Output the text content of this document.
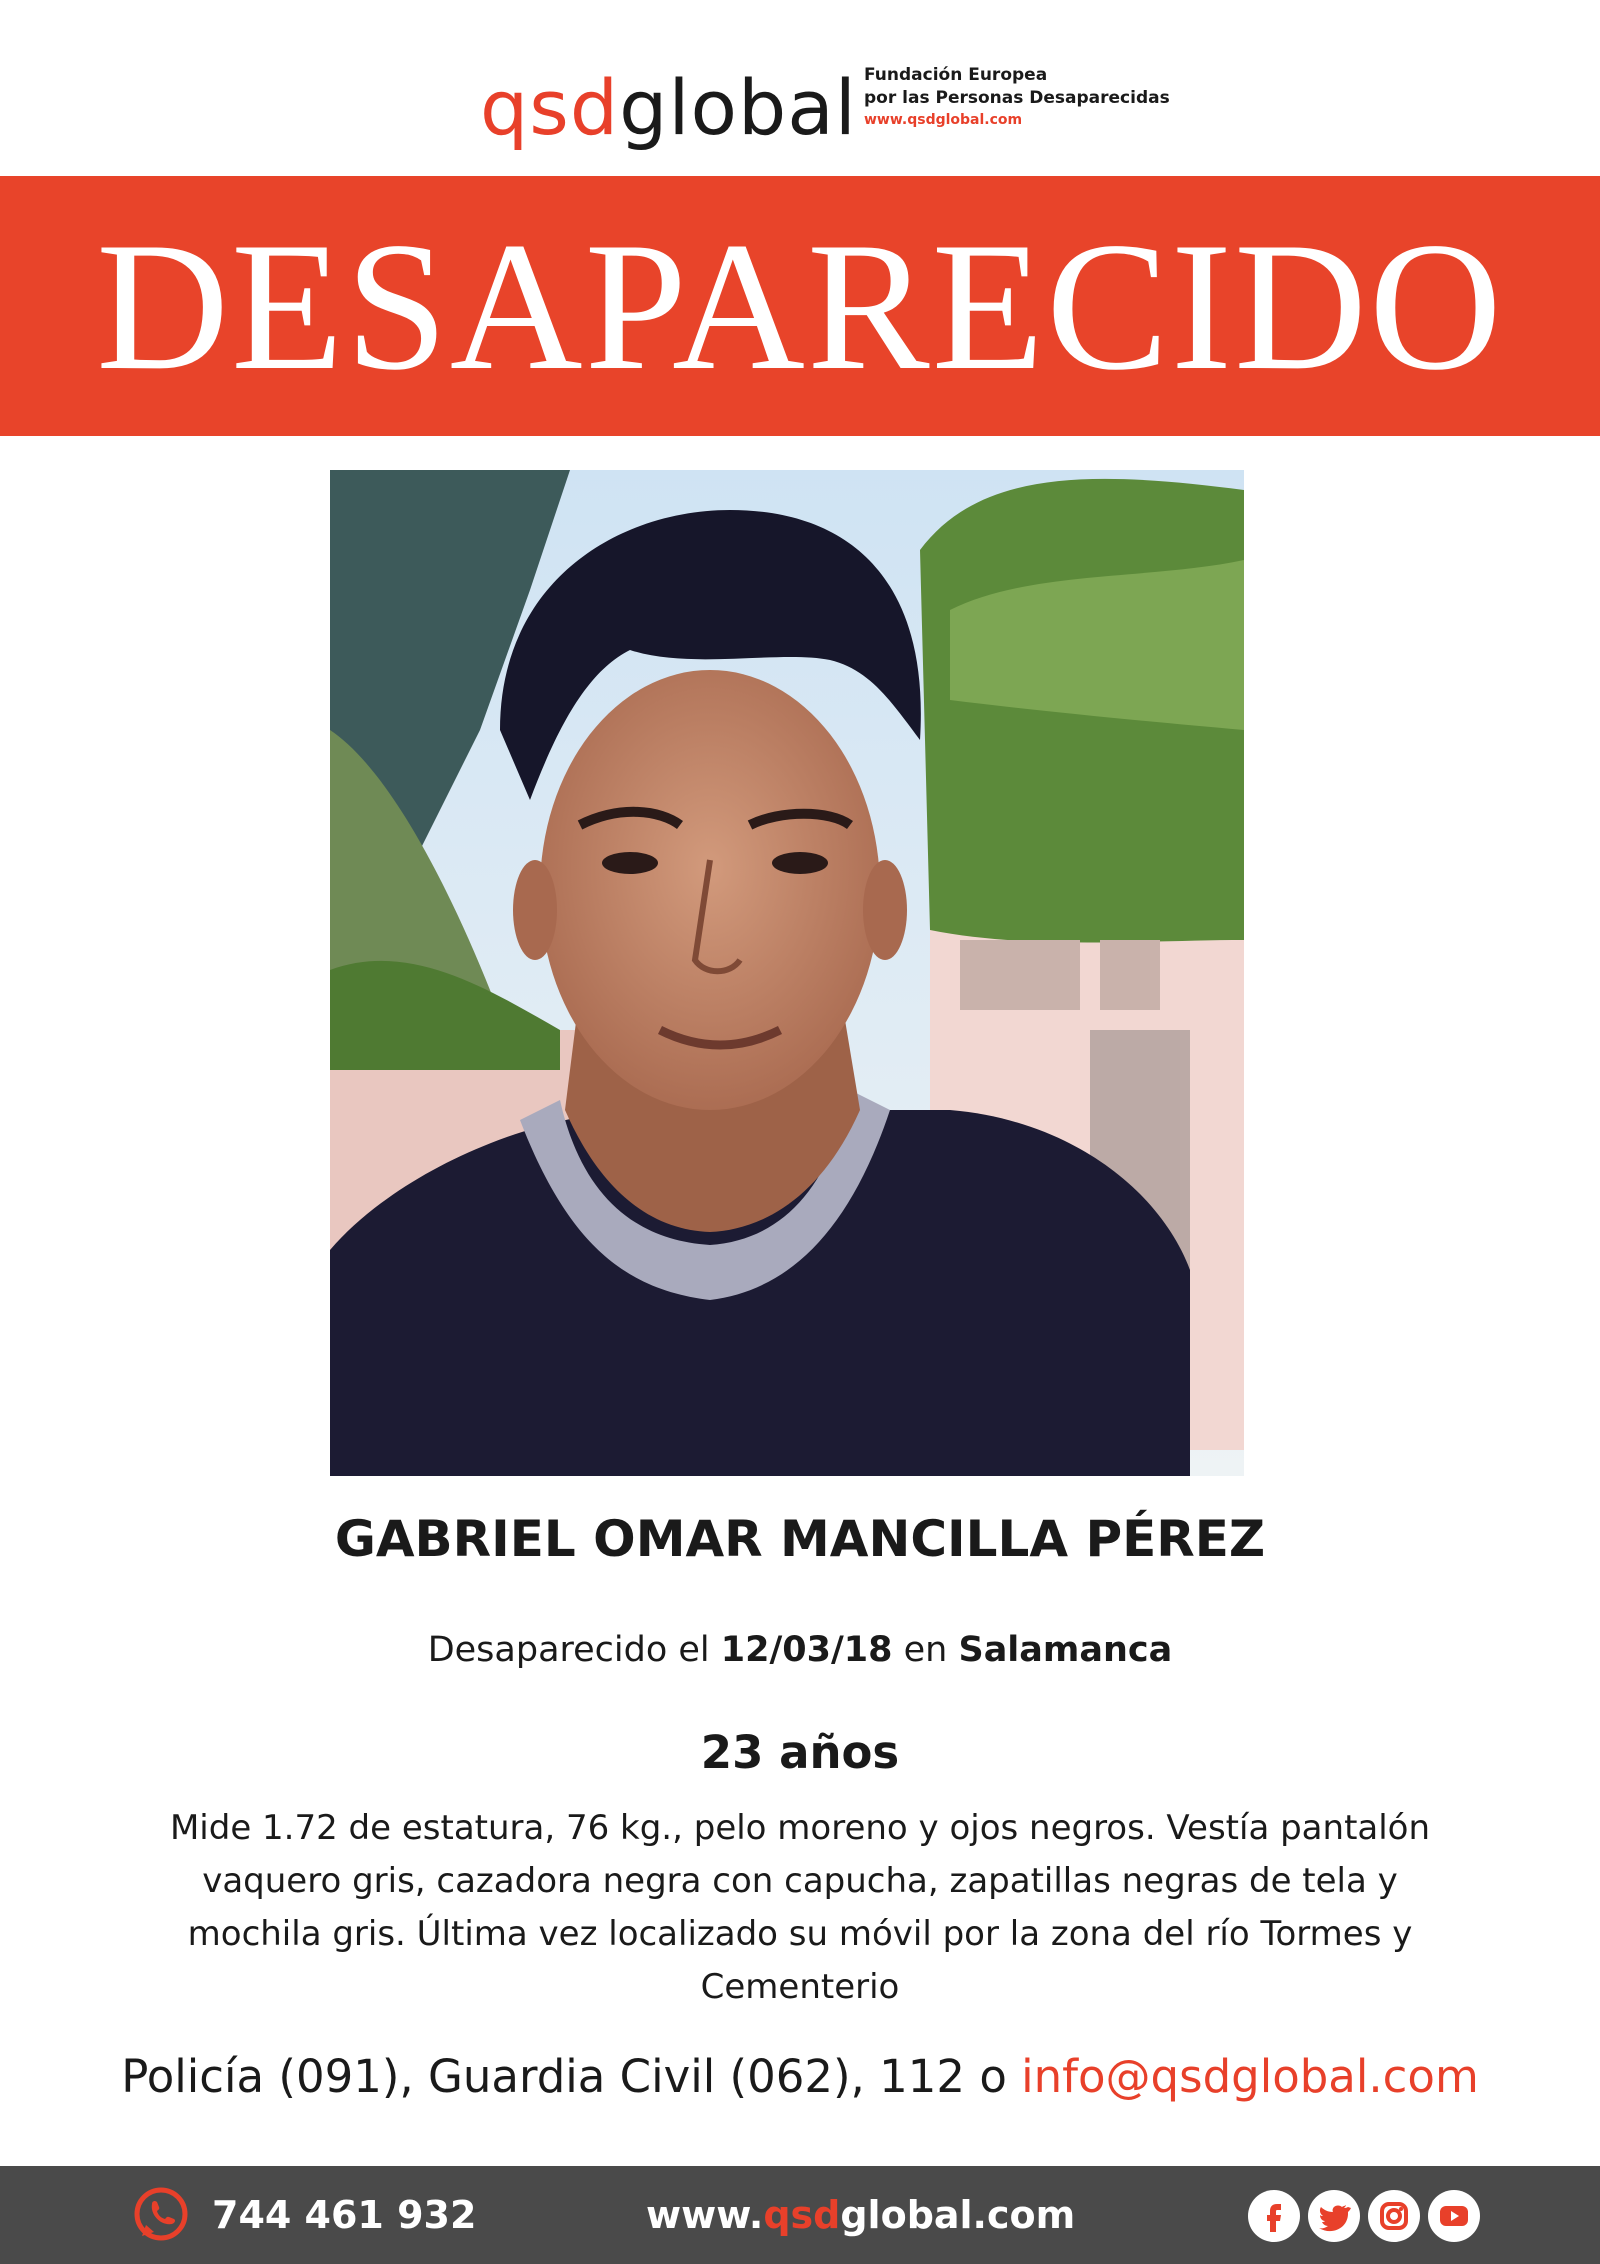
qsdglobal Fundación Europea
por las Personas Desaparecidas
www.qsdglobal.com
DESAPARECIDO
GABRIEL OMAR MANCILLA PÉREZ
Desaparecido el 12/03/18 en Salamanca
23 años
Mide 1.72 de estatura, 76 kg., pelo moreno y ojos negros. Vestía pantalón vaquero gris, cazadora negra con capucha, zapatillas negras de tela y mochila gris. Última vez localizado su móvil por la zona del río Tormes y Cementerio
Policía (091), Guardia Civil (062), 112 o info@qsdglobal.com
744 461 932	www.qsdglobal.com
